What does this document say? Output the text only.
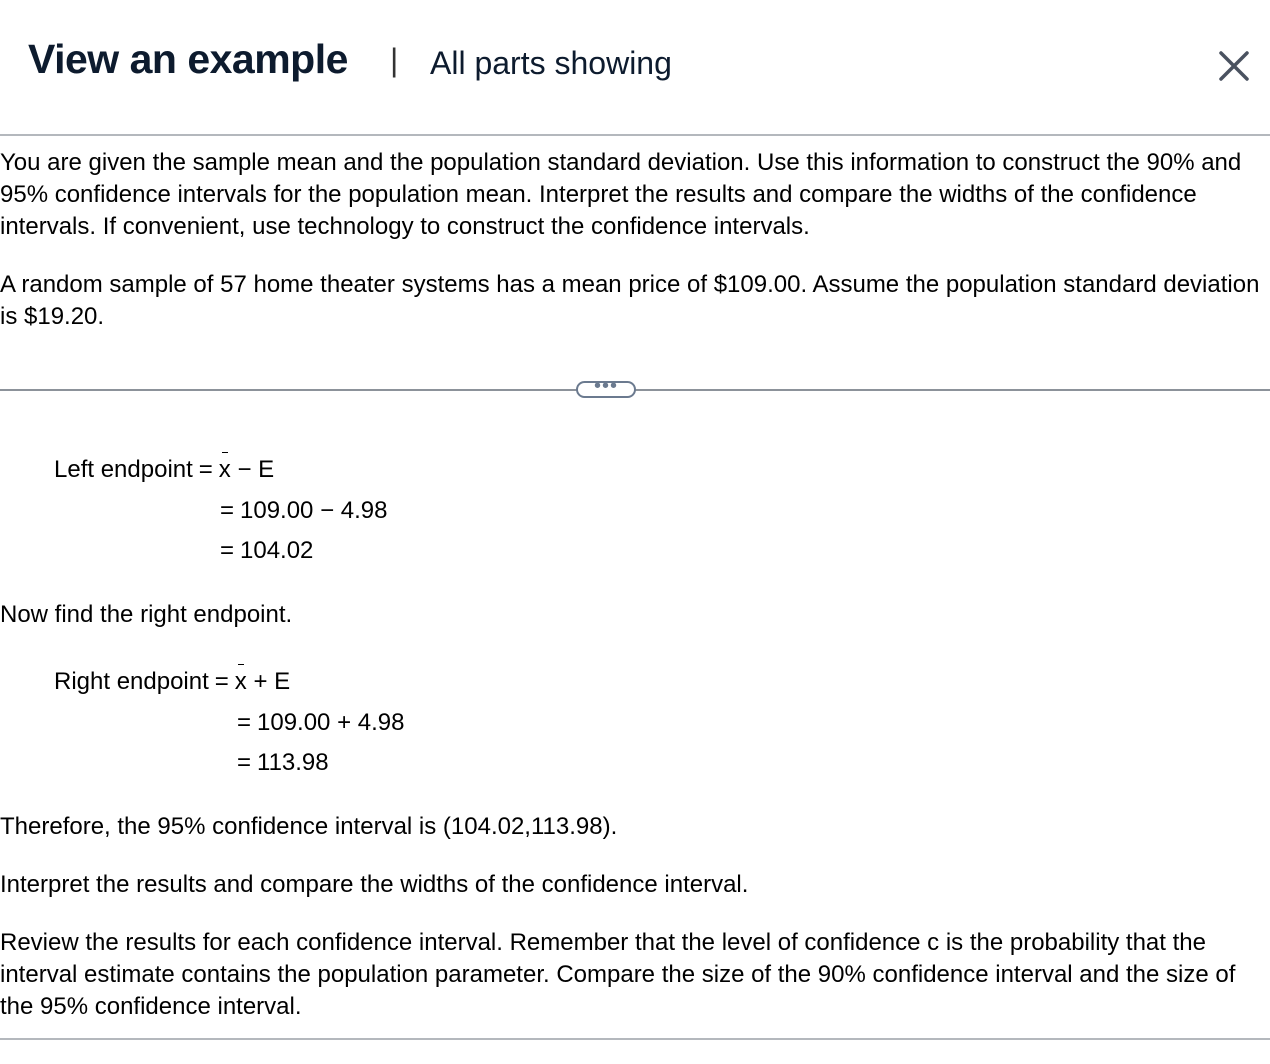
View an example | All parts showing

You are given the sample mean and the population standard deviation. Use this information to construct the 90% and 95% confidence intervals for the population mean. Interpret the results and compare the widths of the confidence intervals. If convenient, use technology to construct the confidence intervals.

A random sample of 57 home theater systems has a mean price of $109.00. Assume the population standard deviation is $19.20.

•••
Left endpoint = x − E
= 109.00 − 4.98
= 104.02

Now find the right endpoint.

Right endpoint = x + E
= 109.00 + 4.98
= 113.98

Therefore, the 95% confidence interval is (104.02,113.98).

Interpret the results and compare the widths of the confidence interval.

Review the results for each confidence interval. Remember that the level of confidence c is the probability that the interval estimate contains the population parameter. Compare the size of the 90% confidence interval and the size of the 95% confidence interval.
